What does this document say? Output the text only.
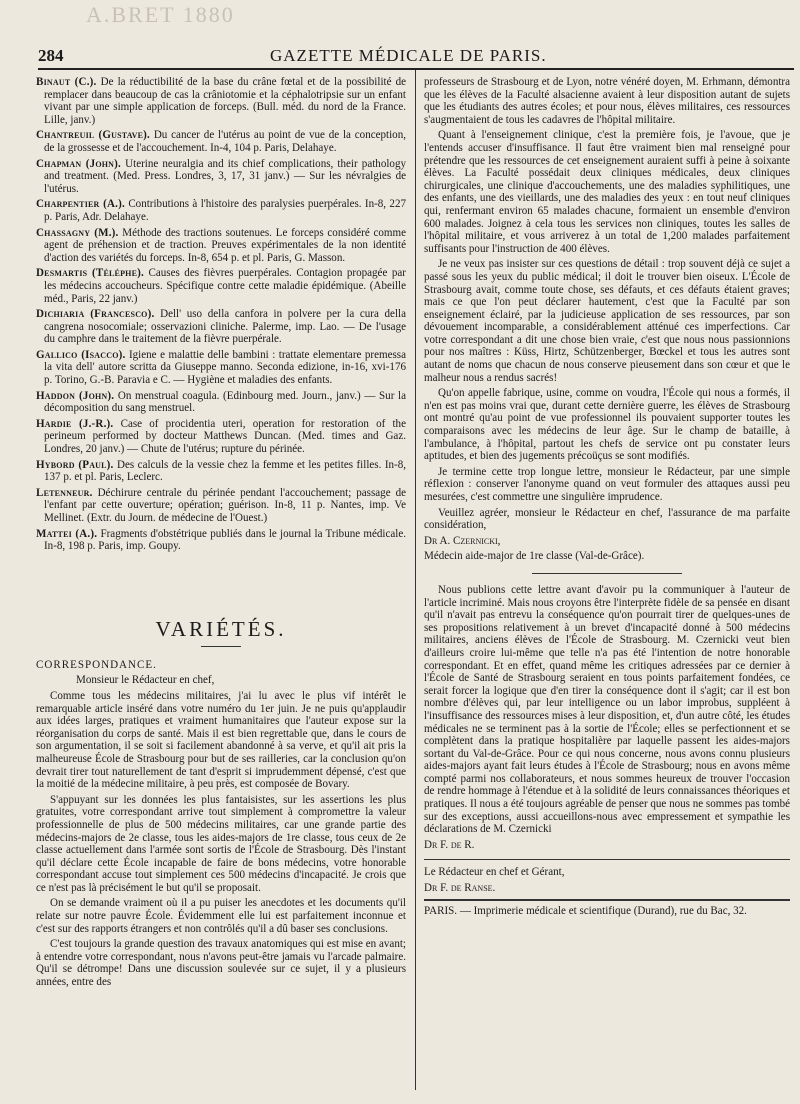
A.BRET 1880
284	GAZETTE MÉDICALE DE PARIS.

Binaut (C.). De la réductibilité de la base du crâne fœtal et de la possibilité de remplacer dans beaucoup de cas la crâniotomie et la céphalotripsie sur un enfant vivant par une simple application de forceps. (Bull. méd. du nord de la France. Lille, janv.)

Chantreuil (Gustave). Du cancer de l'utérus au point de vue de la conception, de la grossesse et de l'accouchement. In-4, 104 p. Paris, Delahaye.

Chapman (John). Uterine neuralgia and its chief complications, their pathology and treatment. (Med. Press. Londres, 3, 17, 31 janv.) — Sur les névralgies de l'utérus.

Charpentier (A.). Contributions à l'histoire des paralysies puerpérales. In-8, 227 p. Paris, Adr. Delahaye.

Chassagny (M.). Méthode des tractions soutenues. Le forceps considéré comme agent de préhension et de traction. Preuves expérimentales de la non identité d'action des variétés du forceps. In-8, 654 p. et pl. Paris, G. Masson.

Desmartis (Téléphe). Causes des fièvres puerpérales. Contagion propagée par les médecins accoucheurs. Spécifique contre cette maladie épidémique. (Abeille méd., Paris, 22 janv.)

Dichiaria (Francesco). Dell' uso della canfora in polvere per la cura della cangrena nosocomiale; osservazioni cliniche. Palerme, imp. Lao. — De l'usage du camphre dans le traitement de la fièvre puerpérale.

Gallico (Isacco). Igiene e malattie delle bambini : trattate elementare premessa la vita dell' autore scritta da Giuseppe manno. Seconda edizione, in-16, xvi-176 p. Torino, G.-B. Paravia e C. — Hygiène et maladies des enfants.

Haddon (John). On menstrual coagula. (Edinbourg med. Journ., janv.) — Sur la décomposition du sang menstruel.

Hardie (J.-R.). Case of procidentia uteri, operation for restoration of the perineum performed by docteur Matthews Duncan. (Med. times and Gaz. Londres, 20 janv.) — Chute de l'utérus; rupture du périnée.

Hybord (Paul). Des calculs de la vessie chez la femme et les petites filles. In-8, 137 p. et pl. Paris, Leclerc.

Letenneur. Déchirure centrale du périnée pendant l'accouchement; passage de l'enfant par cette ouverture; opération; guérison. In-8, 11 p. Nantes, imp. Ve Mellinet. (Extr. du Journ. de médecine de l'Ouest.)

Mattei (A.). Fragments d'obstétrique publiés dans le journal la Tribune médicale. In-8, 198 p. Paris, imp. Goupy.

VARIÉTÉS.

CORRESPONDANCE.

Monsieur le Rédacteur en chef,

Comme tous les médecins militaires, j'ai lu avec le plus vif intérêt le remarquable article inséré dans votre numéro du 1er juin. Je ne puis qu'applaudir aux idées larges, pratiques et vraiment humanitaires que l'auteur expose sur la réorganisation du corps de santé. Mais il est bien regrettable que, dans le cours de son argumentation, il se soit si facilement abandonné à sa verve, et qu'il ait pris la malheureuse École de Strasbourg pour but de ses railleries, car la conclusion qu'on devrait tirer tout naturellement de tant d'esprit si imprudemment dépensé, c'est que la moitié de la médecine militaire, à peu près, est composée de Bovary.

S'appuyant sur les données les plus fantaisistes, sur les assertions les plus gratuites, votre correspondant arrive tout simplement à compromettre la valeur professionnelle de plus de 500 médecins militaires, car une grande partie des médecins-majors de 2e classe, tous les aides-majors de 1re classe, tous ceux de 2e classe actuellement dans l'armée sont sortis de l'École de Strasbourg. Dès l'instant qu'il déclare cette École incapable de faire de bons médecins, votre honorable correspondant accuse tout simplement ces 500 médecins d'incapacité. Je crois que ce n'est pas là précisément le but qu'il se proposait.

On se demande vraiment où il a pu puiser les anecdotes et les documents qu'il relate sur notre pauvre École. Évidemment elle lui est parfaitement inconnue et c'est sur des rapports étrangers et non contrôlés qu'il a dû baser ses conclusions.

C'est toujours la grande question des travaux anatomiques qui est mise en avant; à entendre votre correspondant, nous n'avons peut-être jamais vu l'arcade palmaire. Qu'il se détrompe! Dans une discussion soulevée sur ce sujet, il y a plusieurs années, entre des

professeurs de Strasbourg et de Lyon, notre vénéré doyen, M. Erhmann, démontra que les élèves de la Faculté alsacienne avaient à leur disposition autant de sujets que les étudiants des autres écoles; et pour nous, élèves militaires, ces ressources s'augmentaient de tous les cadavres de l'hôpital militaire.

Quant à l'enseignement clinique, c'est la première fois, je l'avoue, que je l'entends accuser d'insuffisance. Il faut être vraiment bien mal renseigné pour prétendre que les ressources de cet enseignement auraient suffi à peine à soixante élèves. La Faculté possédait deux cliniques médicales, deux cliniques chirurgicales, une clinique d'accouchements, une des maladies syphilitiques, une des enfants, une des vieillards, une des maladies des yeux : en tout neuf cliniques qui, renfermant environ 65 malades chacune, formaient un ensemble d'environ 600 malades. Joignez à cela tous les services non cliniques, toutes les salles de l'hôpital militaire, et vous arriverez à un total de 1,200 malades parfaitement suffisants pour l'instruction de 400 élèves.

Je ne veux pas insister sur ces questions de détail : trop souvent déjà ce sujet a passé sous les yeux du public médical; il doit le trouver bien oiseux. L'École de Strasbourg avait, comme toute chose, ses défauts, et ces défauts étaient graves; mais ce que l'on peut déclarer hautement, c'est que la Faculté par son enseignement éclairé, par la judicieuse application de ses ressources, par son dévouement incomparable, a considérablement atténué ces imperfections. Car votre correspondant a dit une chose bien vraie, c'est que nous nous passionnions pour nos maîtres : Küss, Hirtz, Schützenberger, Bœckel et tous les autres sont autant de noms que chacun de nous conserve pieusement dans son cœur et que le malheur nous a rendus sacrés!

Qu'on appelle fabrique, usine, comme on voudra, l'École qui nous a formés, il n'en est pas moins vrai que, durant cette dernière guerre, les élèves de Strasbourg ont montré qu'au point de vue professionnel ils pouvaient supporter toutes les comparaisons avec les médecins de leur âge. Sur le champ de bataille, à l'ambulance, à l'hôpital, partout les chefs de service ont pu constater leurs aptitudes, et bien des jugements précoüçus se sont modifiés.

Je termine cette trop longue lettre, monsieur le Rédacteur, par une simple réflexion : conserver l'anonyme quand on veut formuler des attaques aussi peu mesurées, c'est commettre une singulière imprudence.

Veuillez agréer, monsieur le Rédacteur en chef, l'assurance de ma parfaite considération,

Dr A. Czernicki,

Médecin aide-major de 1re classe (Val-de-Grâce).

Nous publions cette lettre avant d'avoir pu la communiquer à l'auteur de l'article incriminé. Mais nous croyons être l'interprète fidèle de sa pensée en disant qu'il n'avait pas entrevu la conséquence qu'on pourrait tirer de quelques-unes de ses propositions relativement à un brevet d'incapacité donné à 500 médecins militaires, anciens élèves de l'École de Strasbourg. M. Czernicki veut bien d'ailleurs croire lui-même que telle n'a pas été l'intention de notre honorable correspondant. Et en effet, quand même les critiques adressées par ce dernier à l'École de Santé de Strasbourg seraient en tous points parfaitement fondées, ce serait forcer la logique que d'en tirer la conséquence dont il s'agit; car il est bon nombre d'élèves qui, par leur intelligence ou un labor improbus, suppléent à l'insuffisance des ressources mises à leur disposition, et, d'un autre côté, les études médicales ne se terminent pas à la sortie de l'École; elles se perfectionnent et se complètent dans la pratique hospitalière par laquelle passent les aides-majors sortant du Val-de-Grâce. Pour ce qui nous concerne, nous avons connu plusieurs aides-majors ayant fait leurs études à l'École de Strasbourg; nous en avons même compté parmi nos collaborateurs, et nous sommes heureux de trouver l'occasion de rendre hommage à l'étendue et à la solidité de leurs connaissances théoriques et pratiques. Il nous a été toujours agréable de penser que nous ne sommes pas tombé sur des exceptions, aussi accueillons-nous avec empressement et sympathie les déclarations de M. Czernicki

Dr F. de R.

Le Rédacteur en chef et Gérant,

Dr F. de Ranse.

PARIS. — Imprimerie médicale et scientifique (Durand), rue du Bac, 32.
